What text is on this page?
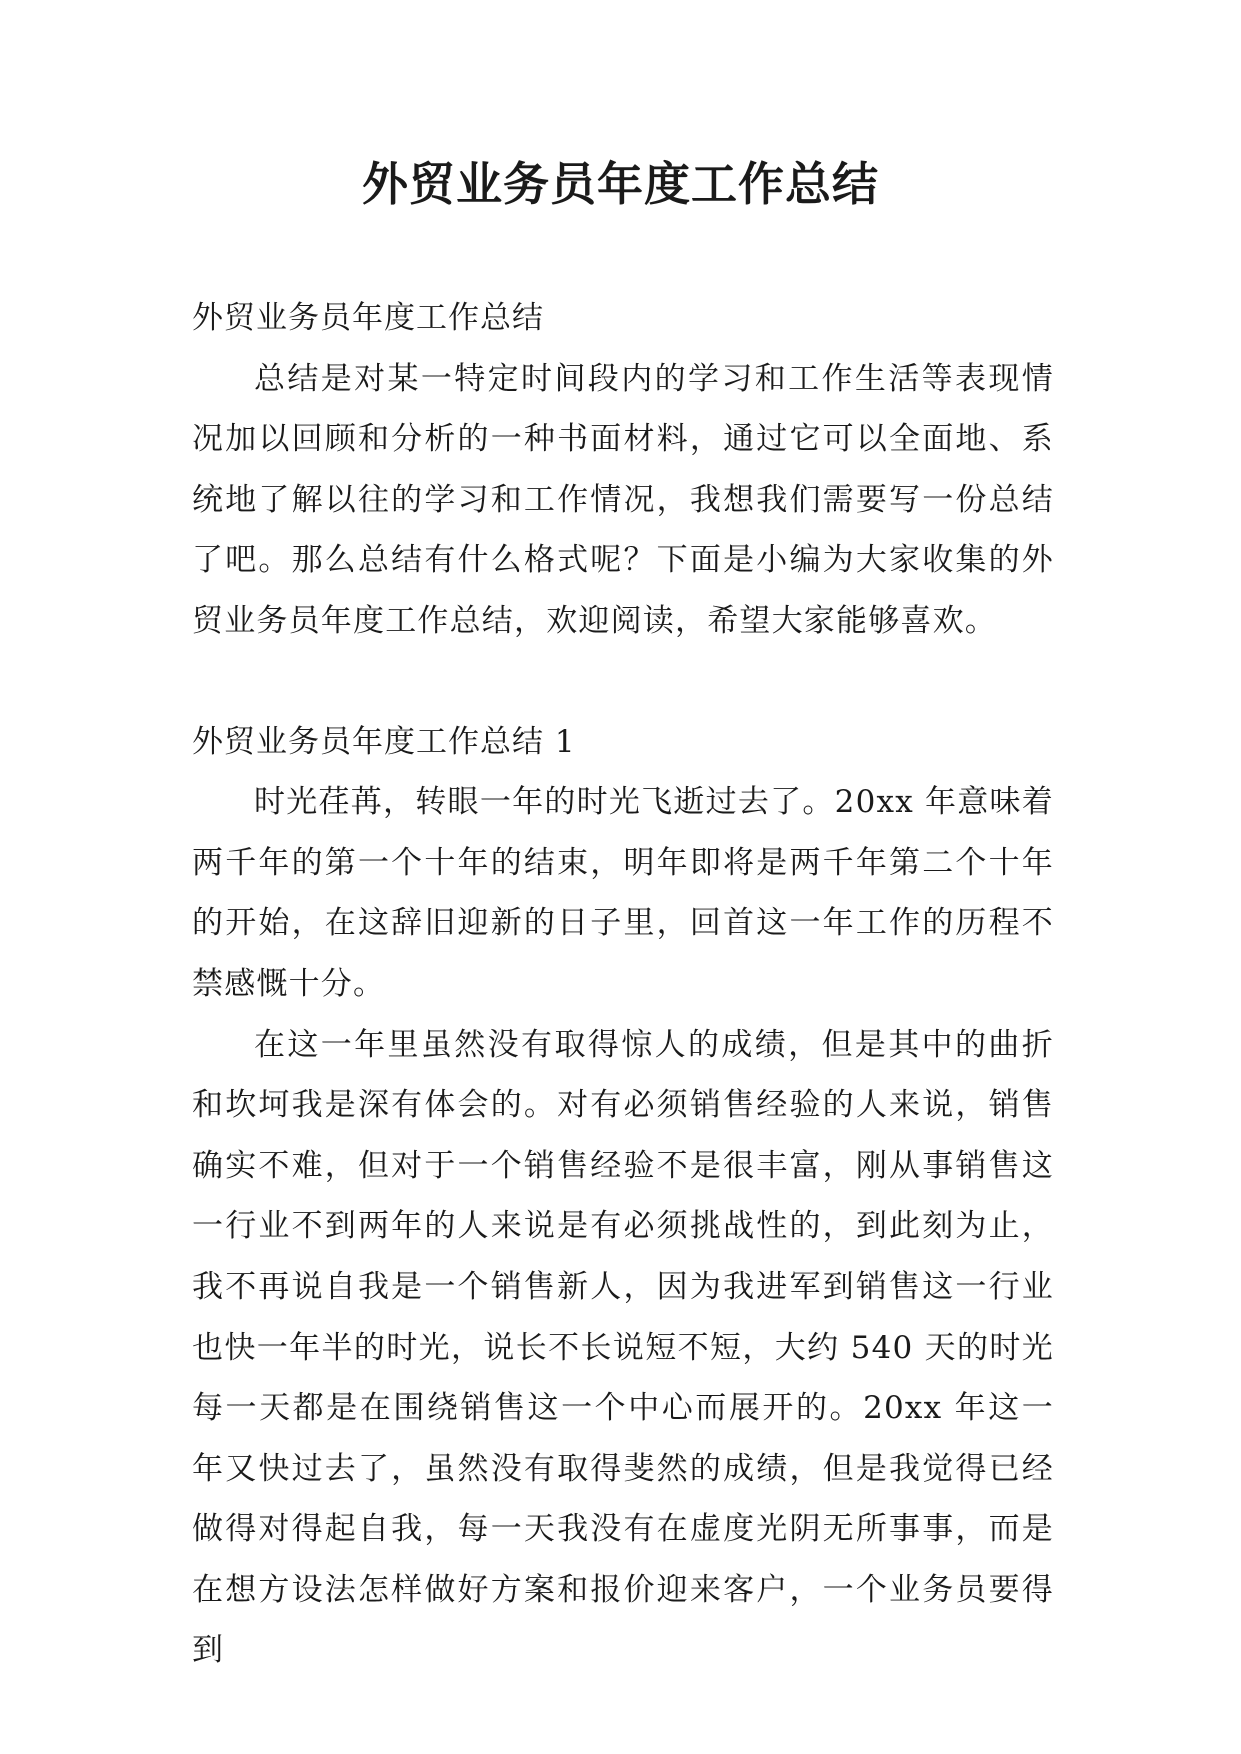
外贸业务员年度工作总结

外贸业务员年度工作总结

总结是对某一特定时间段内的学习和工作生活等表现情况加以回顾和分析的一种书面材料，通过它可以全面地、系统地了解以往的学习和工作情况，我想我们需要写一份总结了吧。那么总结有什么格式呢？下面是小编为大家收集的外贸业务员年度工作总结，欢迎阅读，希望大家能够喜欢。

外贸业务员年度工作总结 1

时光荏苒，转眼一年的时光飞逝过去了。20xx 年意味着两千年的第一个十年的结束，明年即将是两千年第二个十年的开始，在这辞旧迎新的日子里，回首这一年工作的历程不禁感慨十分。

在这一年里虽然没有取得惊人的成绩，但是其中的曲折和坎坷我是深有体会的。对有必须销售经验的人来说，销售确实不难，但对于一个销售经验不是很丰富，刚从事销售这一行业不到两年的人来说是有必须挑战性的，到此刻为止，我不再说自我是一个销售新人，因为我进军到销售这一行业也快一年半的时光，说长不长说短不短，大约 540 天的时光每一天都是在围绕销售这一个中心而展开的。20xx 年这一年又快过去了，虽然没有取得斐然的成绩，但是我觉得已经做得对得起自我，每一天我没有在虚度光阴无所事事，而是在想方设法怎样做好方案和报价迎来客户，一个业务员要得到
